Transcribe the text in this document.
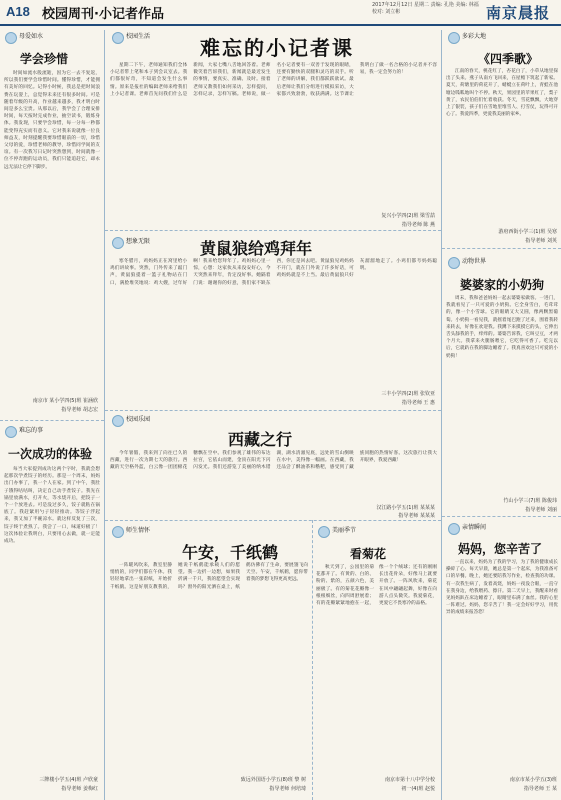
A18 校园周刊·小记者作品
2017年12月12日 星期二 责编: 孔艳 美编: 林福 校对: 刘立彬	南京晨报
母爱如水
学会珍惜

时间如流水般流逝，因为它一去不复返，所以我们要学会珍惜时间。懂得珍惜，才能拥有美好的回忆。记得小时候，我总是把时间浪费在玩耍上，总觉得未来还有很多时间。可是随着年级的升高，作业越来越多，我才明白时间是多么宝贵。从那以后，我学会了合理安排时间，每天按时完成作业，抽空读书，锻炼身体。我发现，只要学会珍惜，每一分每一秒都能变得充实而有意义。它对我来说就像一位良师益友，时刻提醒我要珍惜眼前的一切，珍惜父母的爱，珍惜老师的教导，珍惜同学间的友谊。有一次我写日记时突然想到，时间就像一位不停奔跑的运动员，我们只能追赶它，却永远无法让它停下脚步。

南京市 某小学四(5)班 崔涵欣
指导老师 胡志宏
难忘的事
一次成功的体验

每当大家提到成功这两个字时，我就会想起那次学煮饺子的经历。那是一个周末，妈妈出门办事了，我一个人在家。到了中午，我肚子饿得咕咕叫，决定自己动手煮饺子。我先在锅里放满水，打开火，等水烧开后，把饺子一个一个放进去。可是没过多久，饺子就粘在锅底了。我赶紧用勺子轻轻推动。等饺子浮起来，我又加了半碗凉水。就这样反复了三次，饺子终于煮熟了。我尝了一口，味道好极了！这次体验让我明白，只要用心去做，就一定能成功。

三牌楼小学五(4)班 卢欣童
指导老师 姜梅红
校园生活 难忘的小记者课

星期二下午，老师通知我们全体小记者带上笔和本子到会议室去。我们都很好奇，不知道会发生什么事情。原来是报社的编辑老师来给我们上小记者课。老师首先问我们什么是新闻，大家七嘴八舌地回答着。老师微笑着告诉我们，新闻就是最近发生的事情，要真实、准确、及时。接着老师又教我们如何采访，怎样提问，怎样记录，怎样写稿。老师说，做一名小记者要有一双善于发现的眼睛，还要有勤快的双腿和灵巧的双手。听了老师的讲解，我们都跃跃欲试。最后老师让我们分组进行模拟采访，大家都兴致勃勃，收获满满。这节课让我明白了做一名合格的小记者并不容易，我一定会努力的！

复兴小学四(2)班 梁雪喆
指导老师 陈 燕
想象无限	黄鼠狼给鸡拜年

寒冬腊月，鸡妈妈正在窝里给小鸡们讲故事。突然，门外传来了敲门声，黄鼠狼提着一篮子礼物站在门口，满脸堆笑地说：鸡大嫂，过年好啊！我来给您拜年了。鸡妈妈心里一惊，心想：这家伙从来没安好心，今天突然来拜年，肯定没好事。她隔着门说：谢谢你的好意，我们家不缺东西，你还是回去吧。黄鼠狼见鸡妈妈不开门，就在门外说了许多好话，可鸡妈妈就是不上当。最后黄鼠狼只好灰溜溜地走了。小鸡们都夸妈妈聪明。

三丰小学四(2)班 张钦亚
指导老师 王 惠
校园乐园
西藏之行

今年暑假，我来到了向往已久的西藏，进行一次为期七天的旅行。西藏的天空格外蓝，白云像一团团棉花糖飘在空中。我们参观了雄伟的布达拉宫，它依山而建，金顶在阳光下闪闪发光。我们还游览了美丽的纳木错湖，湖水清澈见底，远处的雪山倒映在水中，美得像一幅画。在西藏，我还品尝了酥油茶和糌粑，感受到了藏族同胞的热情好客。这次旅行让我大开眼界，我爱西藏！

汉江路小学五(1)班 某某某
指导老师 某某某
师生情怀
午安，千纸鹤

一阵暖风吹来，教室里静悄悄的，同学们都在午休。我轻轻地拿出一张彩纸，开始折千纸鹤。这是好朋友教我的，她说千纸鹤能承载人们的愿望。我一边折一边想，如果我折满一千只，我的愿望会实现吗？窗外的阳光洒在桌上，纸鹤仿佛有了生命，要展翅飞向天空。午安，千纸鹤，愿你带着我的梦想飞得更高更远。

致远外国语小学五(8)班 黎 树
指导老师 何培琦
美丽季节
看菊花

秋天到了，公园里的菊花都开了。有黄的、白的、粉的、紫的，五颜六色，美丽极了。有的菊花花瓣像一根根细丝，向四周舒展着；有的花瓣紧紧地抱在一起，像一个个绒球；还有的刚刚长出花骨朵，好像马上就要开放了。一阵风吹来，菊花在风中翩翩起舞，好像在向游人点头微笑。我爱菊花，更爱它不畏寒冷的品格。

南京市第十八中学分校
初一(4)班 赵悦
多彩大地
《四季歌》

江南的春天，桃花红了，杏花白了，小草从地里探出了头来。燕子从南方飞回来，在屋檐下筑起了新家。夏天，荷塘里的荷花开了，蜻蜓立在荷叶上，青蛙在池塘边呱呱地叫个不停。秋天，果园里的苹果红了，梨子黄了，农民伯伯们忙着收获。冬天，雪花飘飘，大地穿上了银装，孩子们在雪地里堆雪人、打雪仗，玩得可开心了。我爱四季，更爱我美丽的家乡。

游府西街小学三(1)班 吴寒
指导老师 刘英
动物世界
婆婆家的小奶狗

周末，我和爸爸妈妈一起去婆婆家做客。一进门，我就看见了一只可爱的小奶狗。它全身雪白，毛茸茸的，像一个小雪球。它的眼睛又大又圆，像两颗黑葡萄。小奶狗一看见我，就摇着尾巴跑了过来，围着我转来转去，好像在欢迎我。我蹲下来摸摸它的头，它伸出舌头舔我的手，痒痒的。婆婆告诉我，它叫豆豆，才两个月大。我拿来火腿肠喂它，它吃得可香了。吃完以后，它就趴在我的脚边睡着了。我真喜欢这只可爱的小奶狗！

竹山小学三(7)班 陈俊玮
指导老师 刘丽
亲情瞬间
妈妈，您辛苦了

一直以来，妈妈为了我的学习，为了我的健康成长操碎了心。每天早晨，她总是第一个起床，为我准备可口的早餐。晚上，她还要陪我写作业，检查我的功课。有一次我生病了，发着高烧，妈妈一夜没合眼，一直守在我身边，给我喂药、擦汗。第二天早上，我醒来时看见妈妈趴在床边睡着了，眼睛里布满了血丝。我的心里一阵难过。妈妈，您辛苦了！我一定会好好学习，用优异的成绩来报答您！

南京市某小学五(3)班
指导老师 王 某
